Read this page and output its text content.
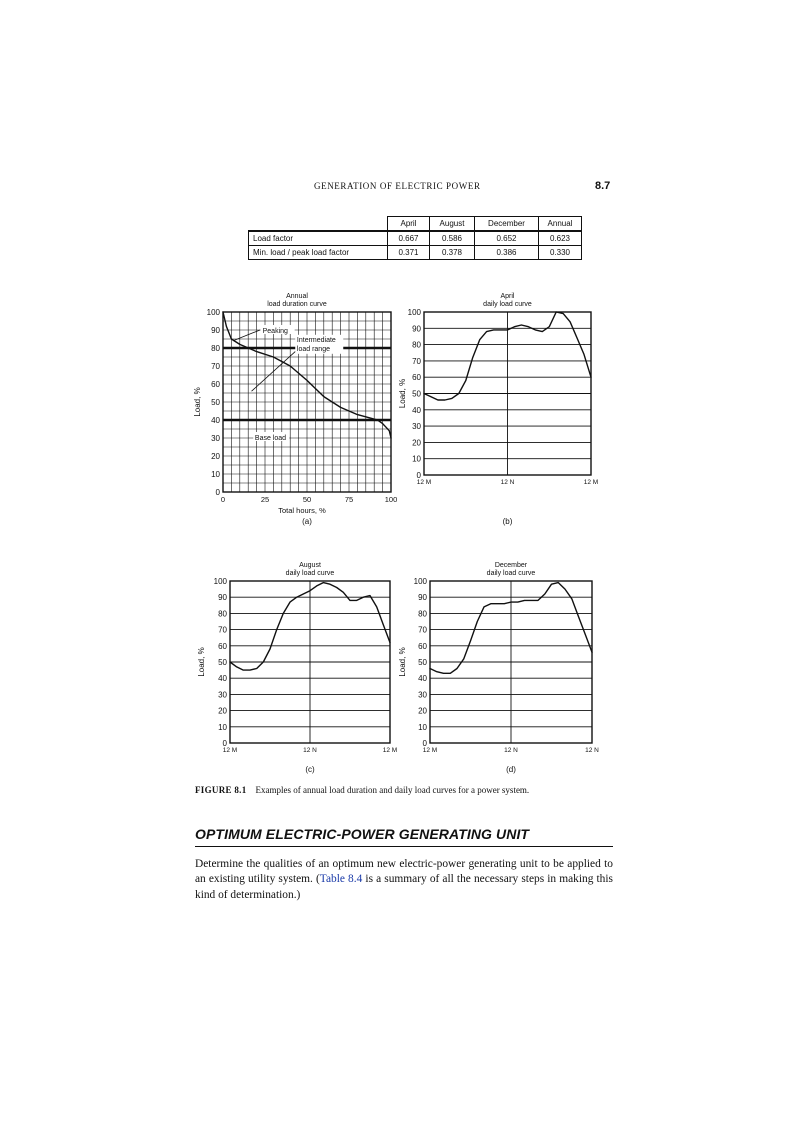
GENERATION OF ELECTRIC POWER	8.7
	April	August	December	Annual
Load factor	0.667	0.586	0.652	0.623
Min. load / peak load factor	0.371	0.378	0.386	0.330
Annual
load duration curve
0
10
20
30
40
50
60
70
80
90
100
Load, %
0	25	50	75	100
Total hours, %
(a)
Peaking
Intermediate
load range
Base load
April
daily load curve
0
10
20
30
40
50
60
70
80
90
100
Load, %
12 M	12 N	12 M
(b)
August
daily load curve
0
10
20
30
40
50
60
70
80
90
100
Load, %
12 M	12 N	12 M
(c)
December
daily load curve
0
10
20
30
40
50
60
70
80
90
100
Load, %
12 M	12 N	12 N
(d)
FIGURE 8.1 Examples of annual load duration and daily load curves for a power system.
OPTIMUM ELECTRIC-POWER GENERATING UNIT
Determine the qualities of an optimum new electric-power generating unit to be applied to an existing utility system. (Table 8.4 is a summary of all the necessary steps in making this kind of determination.)
